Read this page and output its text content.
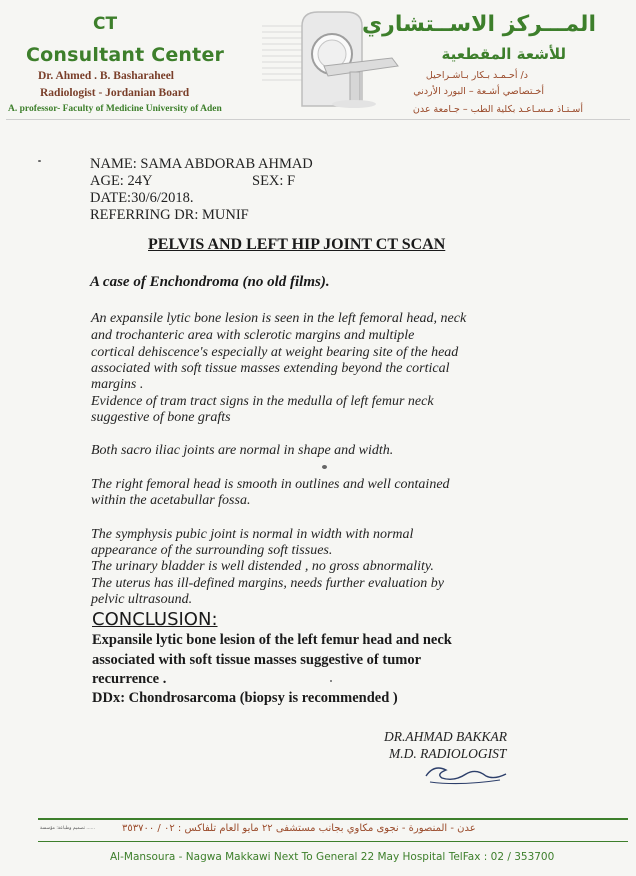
CT
Consultant Center
Dr. Ahmed . B. Basharaheel
Radiologist - Jordanian Board
A. professor- Faculty of Medicine University of Aden
المـــركز الاســتشاري
للأشعة المقطعية
د/ أحـمـد بـكار بـاشـراحيل
أخـتصاصي أشـعة – البورد الأردني
أسـتـاذ مـسـاعـد بكلية الطب – جـامعة عدن
NAME: SAMA ABDORAB AHMAD
AGE: 24Y	SEX: F
DATE:30/6/2018.
REFERRING DR: MUNIF
PELVIS AND LEFT HIP JOINT CT SCAN
A case of Enchondroma (no old films).
An expansile lytic bone lesion is seen in the left femoral head, neck
and trochanteric area with sclerotic margins and multiple
cortical dehiscence's especially at weight bearing site of the head
associated with soft tissue masses extending beyond the cortical
margins .
Evidence of tram tract signs in the medulla of left femur neck
suggestive of bone grafts
Both sacro iliac joints are normal in shape and width.
The right femoral head is smooth in outlines and well contained
within the acetabullar fossa.
The symphysis pubic joint is normal in width with normal
appearance of the surrounding soft tissues.
The urinary bladder is well distended , no gross abnormality.
The uterus has ill-defined margins, needs further evaluation by
pelvic ultrasound.
CONCLUSION:
Expansile lytic bone lesion of the left femur head and neck
associated with soft tissue masses suggestive of tumor
recurrence .
DDx: Chondrosarcoma (biopsy is recommended )
DR.AHMAD BAKKAR
M.D. RADIOLOGIST
تصميم وطباعة: مؤسسة ......	عدن - المنصورة - نجوى مكاوي بجانب مستشفى ٢٢ مايو العام تلفاكس : ٠٢ / ٣٥٣٧٠٠
Al-Mansoura - Nagwa Makkawi Next To General 22 May Hospital TelFax : 02 / 353700
